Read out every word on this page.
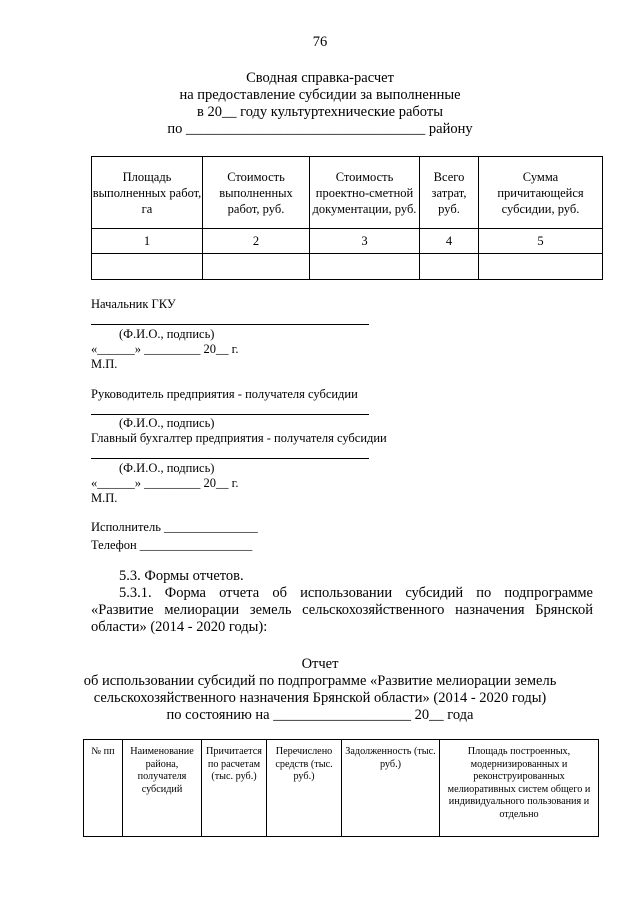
76
Сводная справка-расчет
на предоставление субсидии за выполненные
в 20__ году культуртехнические работы
по _________________________________ району
Площадь выполненных работ, га	Стоимость выполненных работ, руб.	Стоимость проектно-сметной документации, руб.	Всего затрат, руб.	Сумма причитающейся субсидии, руб.
1	2	3	4	5

Начальник ГКУ
(Ф.И.О., подпись)
«______» _________ 20__ г.
М.П.
Руководитель предприятия - получателя субсидии
(Ф.И.О., подпись)
Главный бухгалтер предприятия - получателя субсидии
(Ф.И.О., подпись)
«______» _________ 20__ г.
М.П.
Исполнитель _______________
Телефон __________________
5.3. Формы отчетов.
5.3.1. Форма отчета об использовании субсидий по подпрограмме
«Развитие мелиорации земель сельскохозяйственного назначения Брянской
области» (2014 - 2020 годы):
Отчет
об использовании субсидий по подпрограмме «Развитие мелиорации земель
сельскохозяйственного назначения Брянской области» (2014 - 2020 годы)
по состоянию на ___________________ 20__ года
№ пп	Наименование района, получателя субсидий	Причитается по расчетам (тыс. руб.)	Перечислено средств (тыс. руб.)	Задолженность (тыс. руб.)	Площадь построенных, модернизированных и реконструированных мелиоративных систем общего и индивидуального пользования и отдельно
